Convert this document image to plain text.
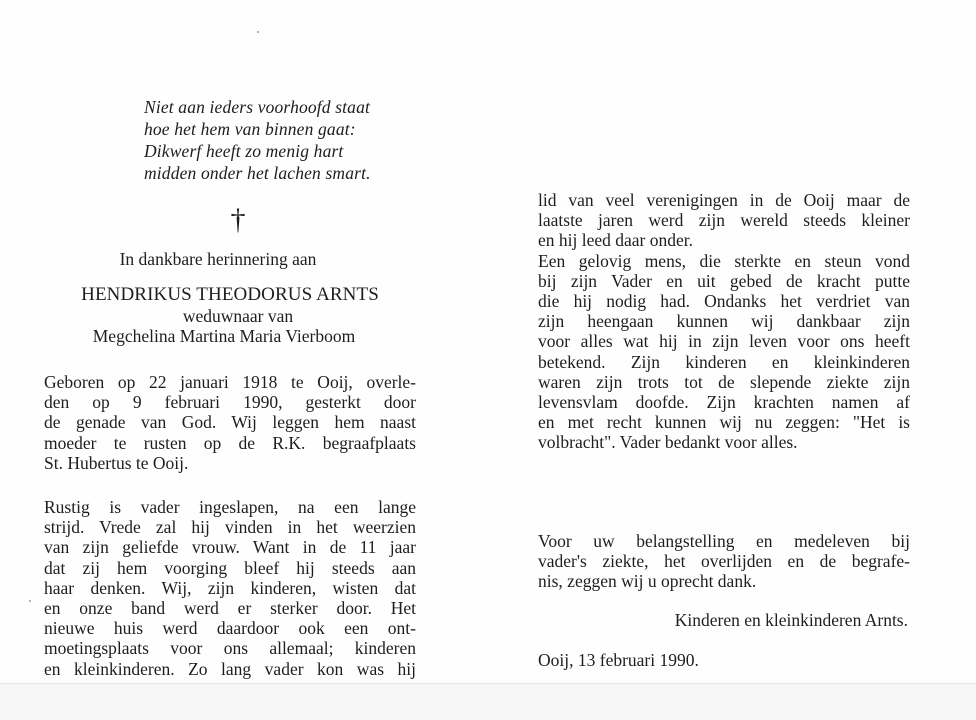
Niet aan ieders voorhoofd staat
hoe het hem van binnen gaat:
Dikwerf heeft zo menig hart
midden onder het lachen smart.
†
In dankbare herinnering aan
HENDRIKUS THEODORUS ARNTS
weduwnaar van
Megchelina Martina Maria Vierboom

Geboren op 22 januari 1918 te Ooij, overle-
den op 9 februari 1990, gesterkt door
de genade van God. Wij leggen hem naast
moeder te rusten op de R.K. begraafplaats
St. Hubertus te Ooij.

Rustig is vader ingeslapen, na een lange
strijd. Vrede zal hij vinden in het weerzien
van zijn geliefde vrouw. Want in de 11 jaar
dat zij hem voorging bleef hij steeds aan
haar denken. Wij, zijn kinderen, wisten dat
en onze band werd er sterker door. Het
nieuwe huis werd daardoor ook een ont-
moetingsplaats voor ons allemaal; kinderen
en kleinkinderen. Zo lang vader kon was hij

lid van veel verenigingen in de Ooij maar de
laatste jaren werd zijn wereld steeds kleiner
en hij leed daar onder.
Een gelovig mens, die sterkte en steun vond
bij zijn Vader en uit gebed de kracht putte
die hij nodig had. Ondanks het verdriet van
zijn heengaan kunnen wij dankbaar zijn
voor alles wat hij in zijn leven voor ons heeft
betekend. Zijn kinderen en kleinkinderen
waren zijn trots tot de slepende ziekte zijn
levensvlam doofde. Zijn krachten namen af
en met recht kunnen wij nu zeggen: "Het is
volbracht". Vader bedankt voor alles.

Voor uw belangstelling en medeleven bij
vader's ziekte, het overlijden en de begrafe-
nis, zeggen wij u oprecht dank.

Kinderen en kleinkinderen Arnts.
Ooij, 13 februari 1990.
